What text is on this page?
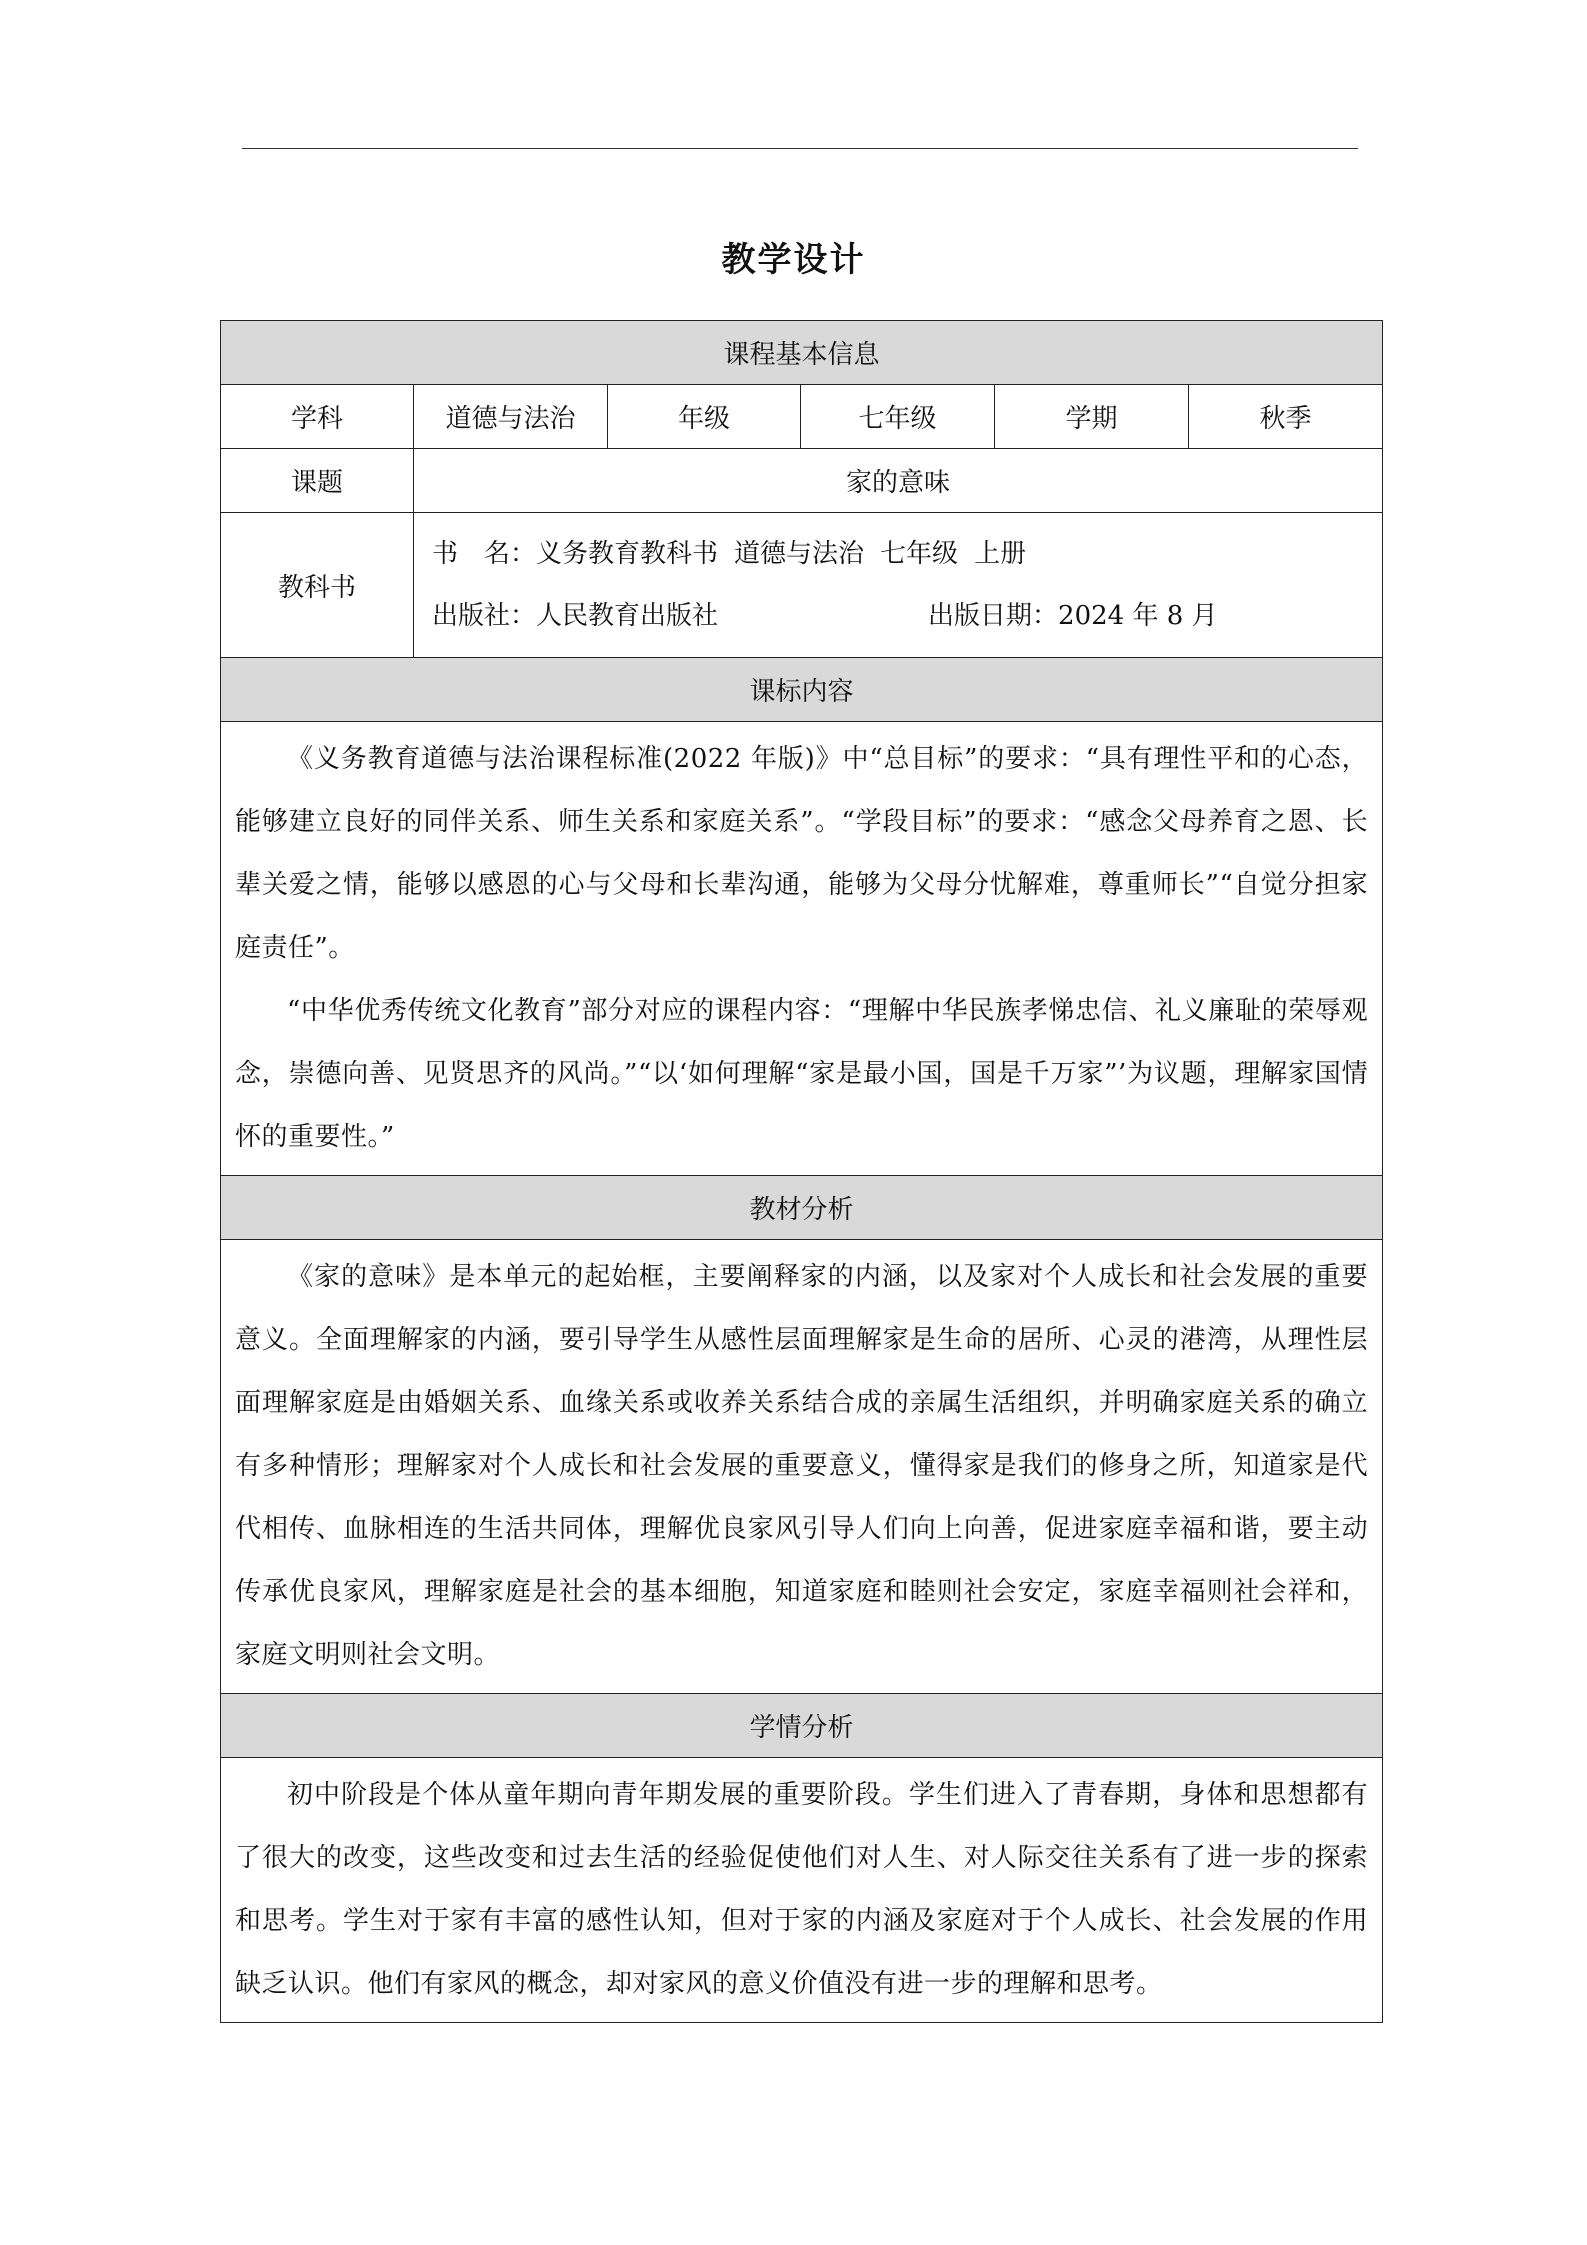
教学设计
课程基本信息					
学科	道德与法治	年级	七年级	学期	秋季
课题	家的意味				
教科书	书　名：义务教育教科书 道德与法治 七年级 上册
出版社：人民教育出版社 出版日期：2024 年 8 月				

课标内容					

《义务教育道德与法治课程标准(2022 年版)》中“总目标”的要求：“具有理性平和的心态，能够建立良好的同伴关系、师生关系和家庭关系”。“学段目标”的要求：“感念父母养育之恩、长辈关爱之情，能够以感恩的心与父母和长辈沟通，能够为父母分忧解难，尊重师长”“自觉分担家庭责任”。

“中华优秀传统文化教育”部分对应的课程内容：“理解中华民族孝悌忠信、礼义廉耻的荣辱观念，崇德向善、见贤思齐的风尚。”“以‘如何理解“家是最小国，国是千万家”’为议题，理解家国情怀的重要性。”					

教材分析					

《家的意味》是本单元的起始框，主要阐释家的内涵，以及家对个人成长和社会发展的重要意义。全面理解家的内涵，要引导学生从感性层面理解家是生命的居所、心灵的港湾，从理性层面理解家庭是由婚姻关系、血缘关系或收养关系结合成的亲属生活组织，并明确家庭关系的确立有多种情形；理解家对个人成长和社会发展的重要意义，懂得家是我们的修身之所，知道家是代代相传、血脉相连的生活共同体，理解优良家风引导人们向上向善，促进家庭幸福和谐，要主动传承优良家风，理解家庭是社会的基本细胞，知道家庭和睦则社会安定，家庭幸福则社会祥和，家庭文明则社会文明。					

学情分析					

初中阶段是个体从童年期向青年期发展的重要阶段。学生们进入了青春期，身体和思想都有了很大的改变，这些改变和过去生活的经验促使他们对人生、对人际交往关系有了进一步的探索和思考。学生对于家有丰富的感性认知，但对于家的内涵及家庭对于个人成长、社会发展的作用缺乏认识。他们有家风的概念，却对家风的意义价值没有进一步的理解和思考。					
